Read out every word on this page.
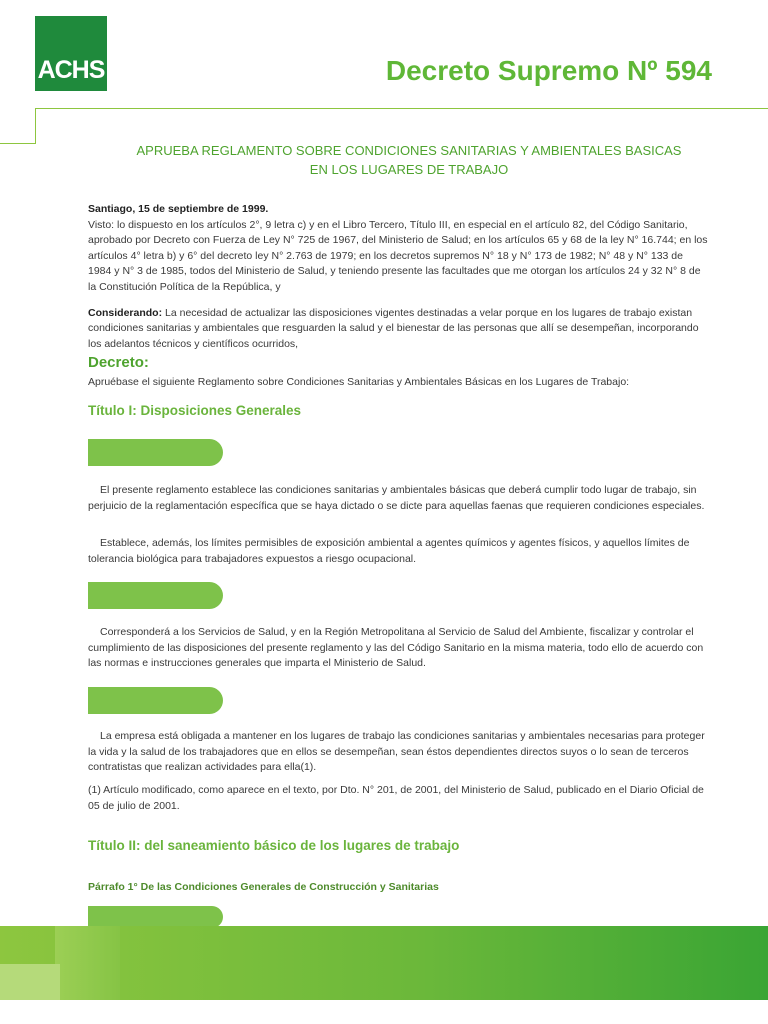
ACHS	Decreto Supremo Nº 594
APRUEBA REGLAMENTO SOBRE CONDICIONES SANITARIAS Y AMBIENTALES BASICAS
EN LOS LUGARES DE TRABAJO

Santiago, 15 de septiembre de 1999.

Visto: lo dispuesto en los artículos 2°, 9 letra c) y en el Libro Tercero, Título III, en especial en el artículo 82, del Código Sanitario, aprobado por Decreto con Fuerza de Ley N° 725 de 1967, del Ministerio de Salud; en los artículos 65 y 68 de la ley N° 16.744; en los artículos 4° letra b) y 6° del decreto ley N° 2.763 de 1979; en los decretos supremos N° 18 y N° 173 de 1982; N° 48 y N° 133 de 1984 y N° 3 de 1985, todos del Ministerio de Salud, y teniendo presente las facultades que me otorgan los artículos 24 y 32 N° 8 de la Constitución Política de la República, y

Considerando: La necesidad de actualizar las disposiciones vigentes destinadas a velar porque en los lugares de trabajo existan condiciones sanitarias y ambientales que resguarden la salud y el bienestar de las personas que allí se desempeñan, incorporando los adelantos técnicos y científicos ocurridos,

Decreto:
Apruébase el siguiente Reglamento sobre Condiciones Sanitarias y Ambientales Básicas en los Lugares de Trabajo:
Título I: Disposiciones Generales

El presente reglamento establece las condiciones sanitarias y ambientales básicas que deberá cumplir todo lugar de trabajo, sin perjuicio de la reglamentación específica que se haya dictado o se dicte para aquellas faenas que requieren condiciones especiales.

Establece, además, los límites permisibles de exposición ambiental a agentes químicos y agentes físicos, y aquellos límites de tolerancia biológica para trabajadores expuestos a riesgo ocupacional.

Corresponderá a los Servicios de Salud, y en la Región Metropolitana al Servicio de Salud del Ambiente, fiscalizar y controlar el cumplimiento de las disposiciones del presente reglamento y las del Código Sanitario en la misma materia, todo ello de acuerdo con las normas e instrucciones generales que imparta el Ministerio de Salud.

La empresa está obligada a mantener en los lugares de trabajo las condiciones sanitarias y ambientales necesarias para proteger la vida y la salud de los trabajadores que en ellos se desempeñan, sean éstos dependientes directos suyos o lo sean de terceros contratistas que realizan actividades para ella(1).

(1) Artículo modificado, como aparece en el texto, por Dto. N° 201, de 2001, del Ministerio de Salud, publicado en el Diario Oficial de 05 de julio de 2001.

Título II: del saneamiento básico de los lugares de trabajo
Párrafo 1° De las Condiciones Generales de Construcción y Sanitarias
